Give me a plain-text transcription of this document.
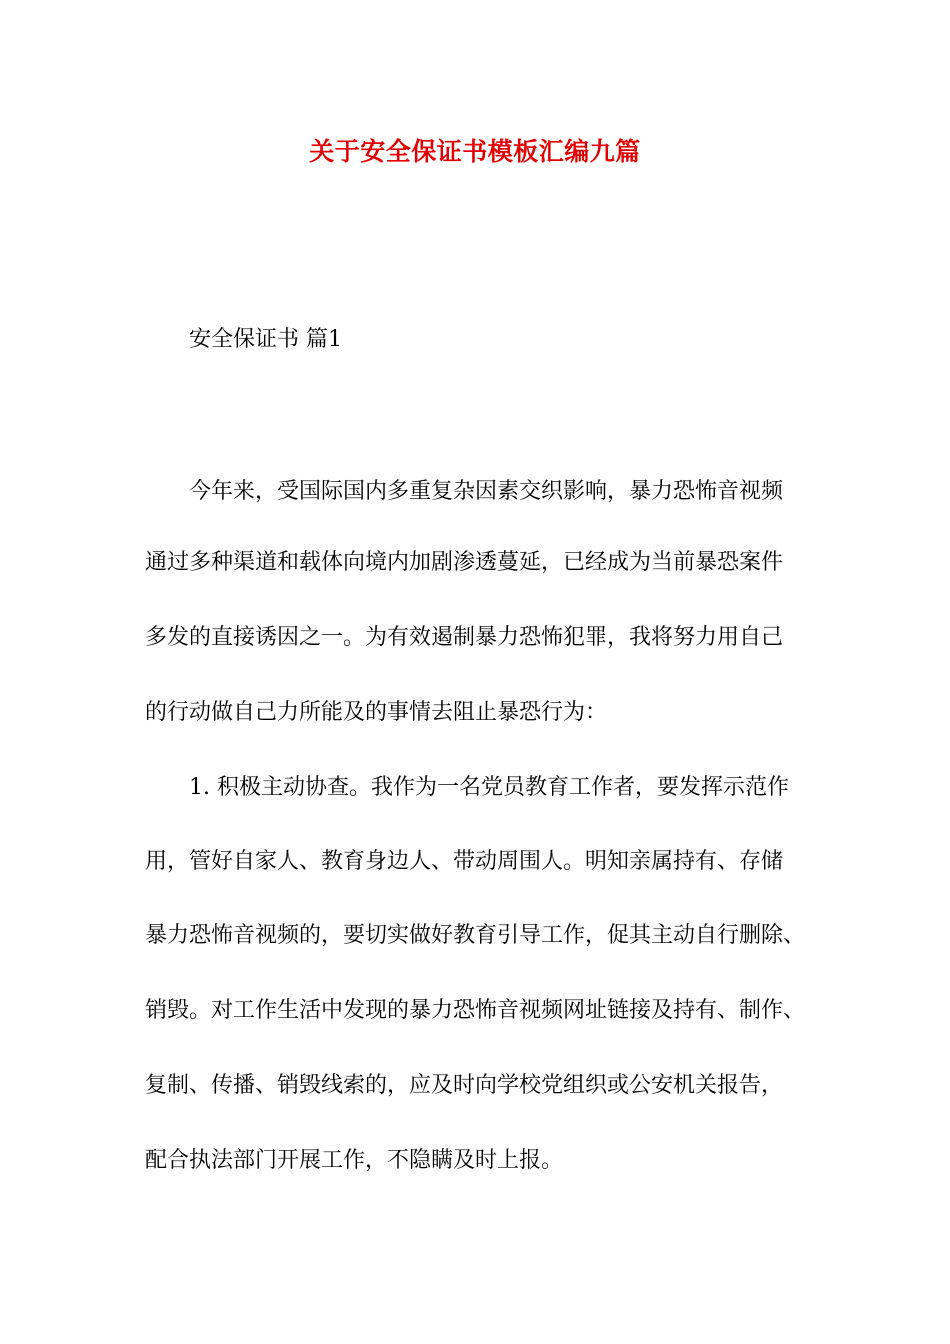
关于安全保证书模板汇编九篇
安全保证书 篇1
今年来，受国际国内多重复杂因素交织影响，暴力恐怖音视频
通过多种渠道和载体向境内加剧渗透蔓延，已经成为当前暴恐案件
多发的直接诱因之一。为有效遏制暴力恐怖犯罪，我将努力用自己
的行动做自己力所能及的事情去阻止暴恐行为：
1. 积极主动协查。我作为一名党员教育工作者，要发挥示范作
用，管好自家人、教育身边人、带动周围人。明知亲属持有、存储
暴力恐怖音视频的，要切实做好教育引导工作，促其主动自行删除、
销毁。对工作生活中发现的暴力恐怖音视频网址链接及持有、制作、
复制、传播、销毁线索的，应及时向学校党组织或公安机关报告，
配合执法部门开展工作，不隐瞒及时上报。
